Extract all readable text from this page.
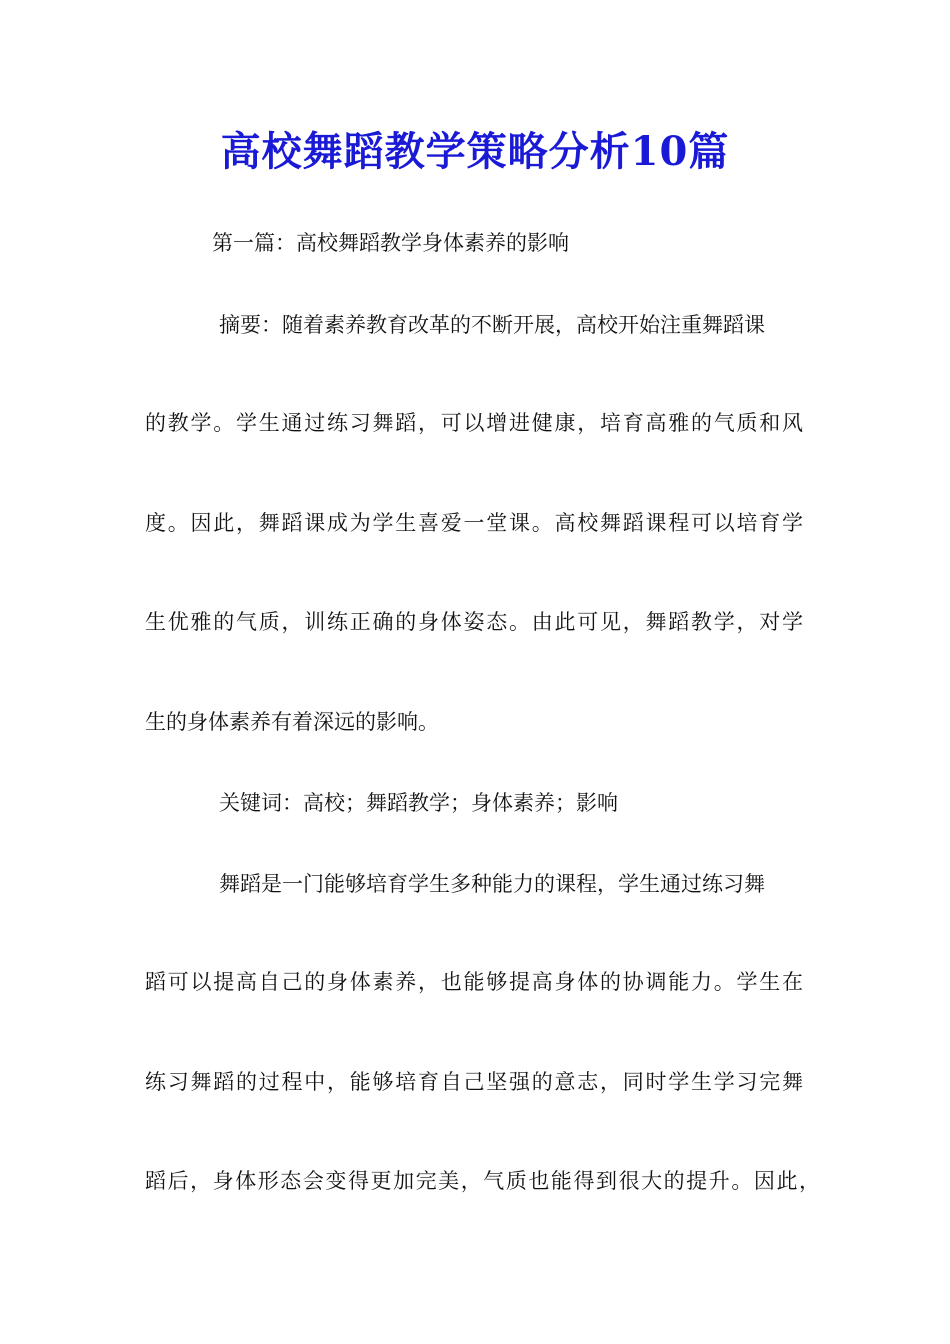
高校舞蹈教学策略分析10篇
第一篇：高校舞蹈教学身体素养的影响
摘要：随着素养教育改革的不断开展，高校开始注重舞蹈课
的教学。学生通过练习舞蹈，可以增进健康，培育高雅的气质和风
度。因此，舞蹈课成为学生喜爱一堂课。高校舞蹈课程可以培育学
生优雅的气质，训练正确的身体姿态。由此可见，舞蹈教学，对学
生的身体素养有着深远的影响。
关键词：高校；舞蹈教学；身体素养；影响
舞蹈是一门能够培育学生多种能力的课程，学生通过练习舞
蹈可以提高自己的身体素养，也能够提高身体的协调能力。学生在
练习舞蹈的过程中，能够培育自己坚强的意志，同时学生学习完舞
蹈后，身体形态会变得更加完美，气质也能得到很大的提升。因此，
